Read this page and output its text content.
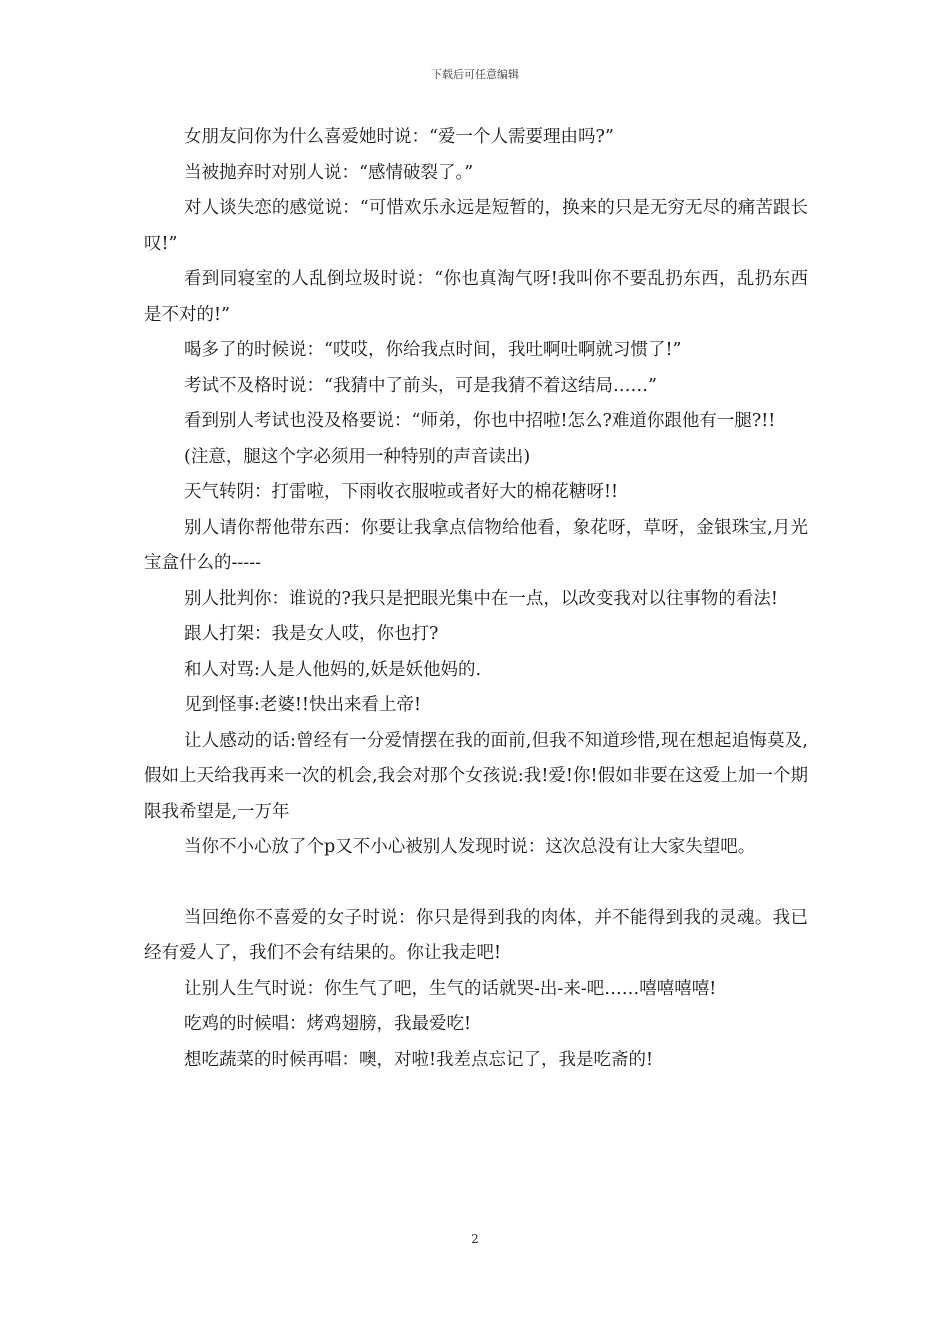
下载后可任意编辑

女朋友问你为什么喜爱她时说：“爱一个人需要理由吗?”

当被抛弃时对别人说：“感情破裂了。”

对人谈失恋的感觉说：“可惜欢乐永远是短暂的，换来的只是无穷无尽的痛苦跟长叹!”

看到同寝室的人乱倒垃圾时说：“你也真淘气呀!我叫你不要乱扔东西，乱扔东西是不对的!”

喝多了的时候说：“哎哎，你给我点时间，我吐啊吐啊就习惯了!”

考试不及格时说：“我猜中了前头，可是我猜不着这结局……”

看到别人考试也没及格要说：“师弟，你也中招啦!怎么?难道你跟他有一腿?!!

(注意，腿这个字必须用一种特别的声音读出)

天气转阴：打雷啦，下雨收衣服啦或者好大的棉花糖呀!!

别人请你帮他带东西：你要让我拿点信物给他看，象花呀，草呀，金银珠宝,月光宝盒什么的-----

别人批判你：谁说的?我只是把眼光集中在一点，以改变我对以往事物的看法!

跟人打架：我是女人哎，你也打?

和人对骂:人是人他妈的,妖是妖他妈的.

见到怪事:老婆!!快出来看上帝!

让人感动的话:曾经有一分爱情摆在我的面前,但我不知道珍惜,现在想起追悔莫及,假如上天给我再来一次的机会,我会对那个女孩说:我!爱!你!假如非要在这爱上加一个期限我希望是,一万年

当你不小心放了个p又不小心被别人发现时说：这次总没有让大家失望吧。

当回绝你不喜爱的女子时说：你只是得到我的肉体，并不能得到我的灵魂。我已经有爱人了，我们不会有结果的。你让我走吧!

让别人生气时说：你生气了吧，生气的话就哭-出-来-吧……嘻嘻嘻嘻!

吃鸡的时候唱：烤鸡翅膀，我最爱吃!

想吃蔬菜的时候再唱：噢，对啦!我差点忘记了，我是吃斋的!

2
